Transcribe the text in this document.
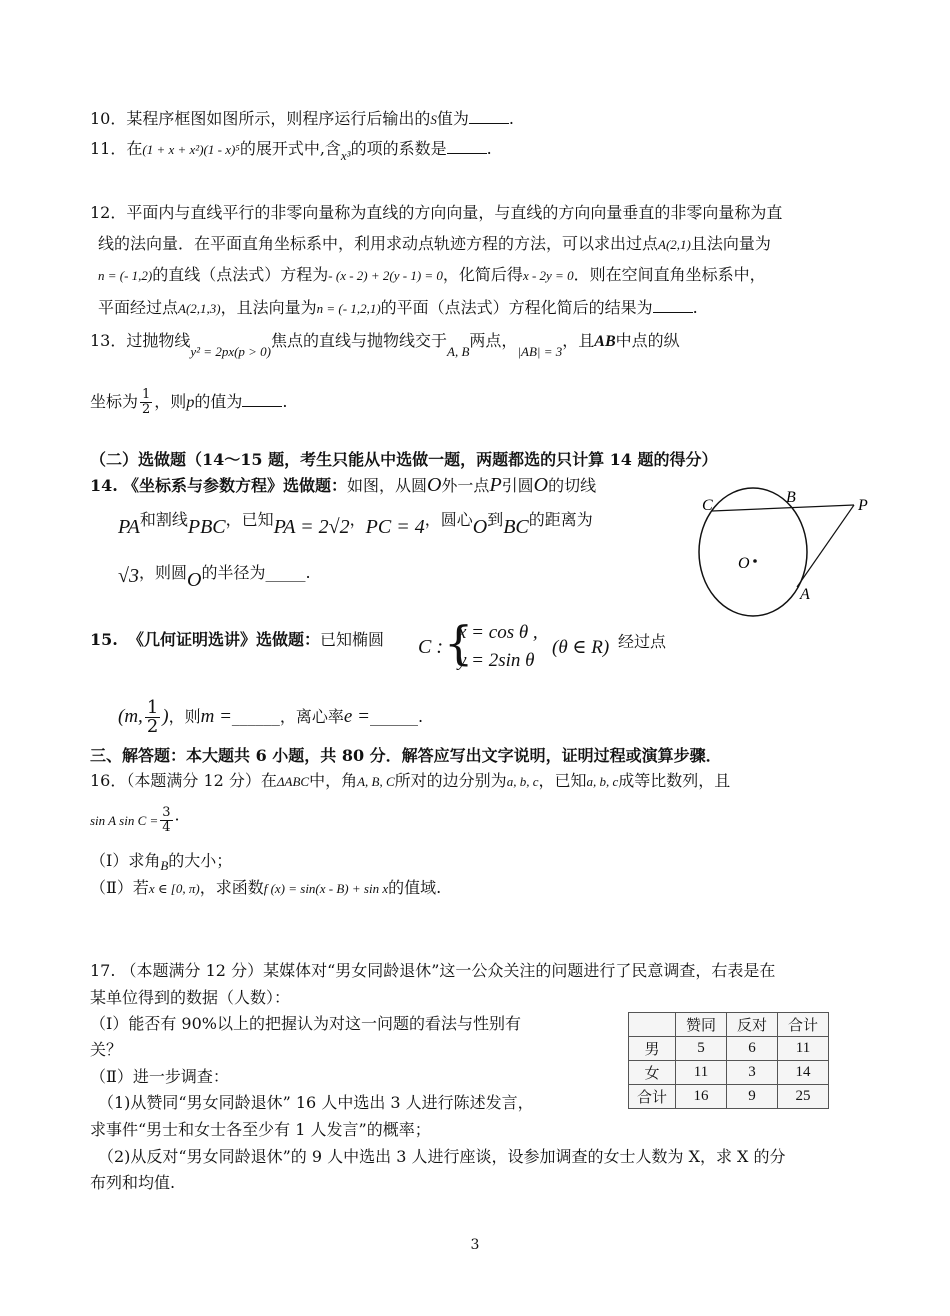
10．某程序框图如图所示，则程序运行后输出的S值为	.
11．在(1 + x + x²)(1 - x)⁵的展开式中,含$_{x^3}$的项的系数是	.
12．平面内与直线平行的非零向量称为直线的方向向量，与直线的方向向量垂直的非零向量称为直
线的法向量．在平面直角坐标系中，利用求动点轨迹方程的方法，可以求出过点A(2,1)且法向量为
n = (- 1,2)的直线（点法式）方程为- (x - 2) + 2(y - 1) = 0，化简后得x - 2y = 0．则在空间直角坐标系中，
平面经过点A(2,1,3)，且法向量为n = (- 1,2,1)的平面（点法式）方程化简后的结果为	.
13．过抛物线$_{y^2 = 2px(p > 0)}$焦点的直线与抛物线交于$_{A, B}$两点，$_{|AB| = 3}$，且AB中点的纵
坐标为 $\frac{1}{2}$ ，则p的值为	.
（二）选做题（14～15 题，考生只能从中选做一题，两题都选的只计算 14 题的得分）
14. 《坐标系与参数方程》选做题：如图，从圆O外一点P引圆O的切线
PA和割线PBC，已知PA = 2√2，PC = 4，圆心O到BC的距离为
√3，则圆O的半径为_____.
C	B	P
O
A
15. 《几何证明选讲》选做题：已知椭圆 C : {
x = cos θ ,
y = 2sin θ
(θ ∈ R) 经过点
(m, $\frac{1}{2}$ )，则m =______，离心率e =______.
三、解答题：本大题共 6 小题，共 80 分．解答应写出文字说明，证明过程或演算步骤．
16．（本题满分 12 分）在ΔABC中，角A, B, C所对的边分别为a, b, c，已知a, b, c成等比数列，且
sin A $\sin C = \frac{3}{4}$ ·
（Ⅰ）求角$_B$的大小；
（Ⅱ）若x ∈ [0, π)，求函数f (x) = sin(x - B) + sin x的值域.
17. （本题满分 12 分）某媒体对“男女同龄退休”这一公众关注的问题进行了民意调查，右表是在
某单位得到的数据（人数）：
（Ⅰ）能否有 90%以上的把握认为对这一问题的看法与性别有
关？
（Ⅱ）进一步调查：
（1)从赞同“男女同龄退休” 16 人中选出 3 人进行陈述发言，
求事件“男士和女士各至少有 1 人发言”的概率；
（2)从反对“男女同龄退休”的 9 人中选出 3 人进行座谈，设参加调查的女士人数为 X，求 X 的分
布列和均值.
	赞同	反对	合计
男	5	6	11
女	11	3	14
合计	16	9	25
3
